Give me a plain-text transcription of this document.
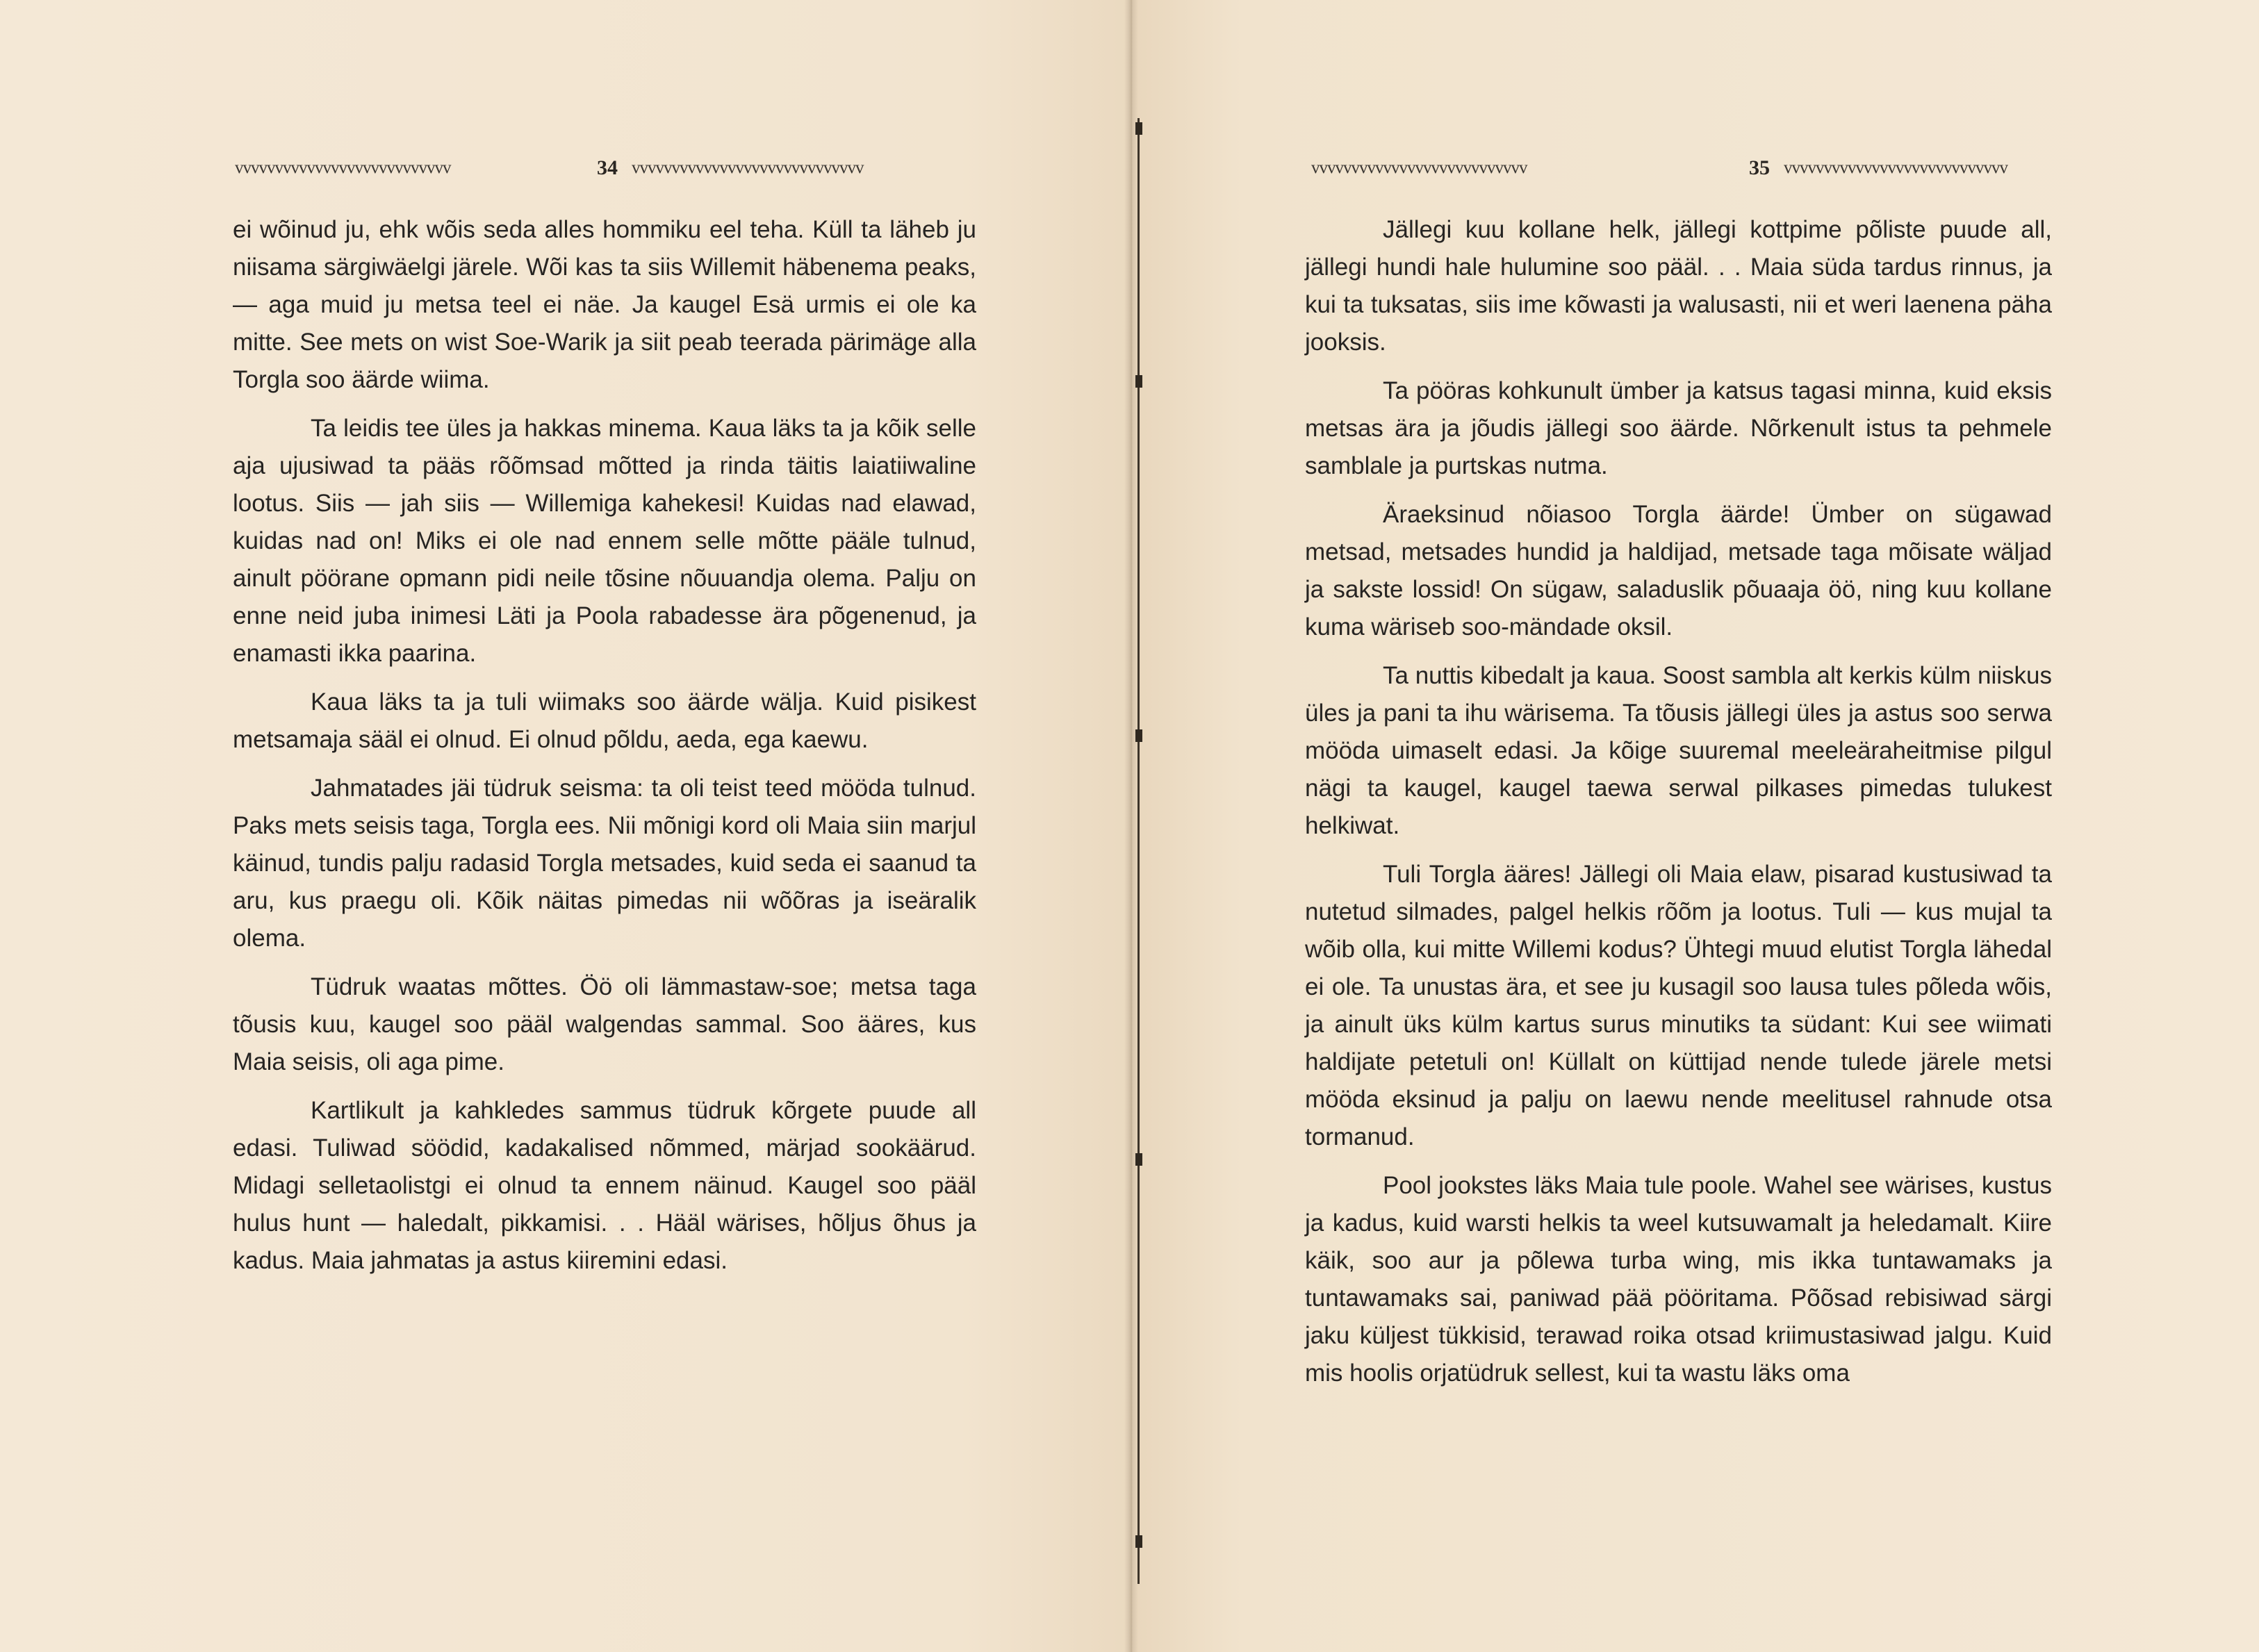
vvvvvvvvvvvvvvvvvvvvvvvvvvv	34 vvvvvvvvvvvvvvvvvvvvvvvvvvvvv

ei wõinud ju, ehk wõis seda alles hommiku eel teha. Küll ta läheb ju niisama särgiwäelgi järele. Wõi kas ta siis Willemit häbenema peaks, — aga muid ju metsa teel ei näe. Ja kaugel Esä urmis ei ole ka mitte. See mets on wist Soe-Warik ja siit peab teerada pärimäge alla Torgla soo äärde wiima.

Ta leidis tee üles ja hakkas minema. Kaua läks ta ja kõik selle aja ujusiwad ta pääs rõõmsad mõtted ja rinda täitis laiatiiwaline lootus. Siis — jah siis — Willemiga kahekesi! Kuidas nad elawad, kuidas nad on! Miks ei ole nad ennem selle mõtte pääle tulnud, ainult pöörane opmann pidi neile tõsine nõuuandja olema. Palju on enne neid juba inimesi Läti ja Poola rabadesse ära põgenenud, ja enamasti ikka paarina.

Kaua läks ta ja tuli wiimaks soo äärde wälja. Kuid pisikest metsamaja sääl ei olnud. Ei olnud põldu, aeda, ega kaewu.

Jahmatades jäi tüdruk seisma: ta oli teist teed mööda tulnud. Paks mets seisis taga, Torgla ees. Nii mõnigi kord oli Maia siin marjul käinud, tundis palju radasid Torgla metsades, kuid seda ei saanud ta aru, kus praegu oli. Kõik näitas pimedas nii wõõras ja iseäralik olema.

Tüdruk waatas mõttes. Öö oli lämmastaw-soe; metsa taga tõusis kuu, kaugel soo pääl walgendas sammal. Soo ääres, kus Maia seisis, oli aga pime.

Kartlikult ja kahkledes sammus tüdruk kõrgete puude all edasi. Tuliwad söödid, kadakalised nõmmed, märjad sookäärud. Midagi selletaolistgi ei olnud ta ennem näinud. Kaugel soo pääl hulus hunt — haledalt, pikkamisi. . . Hääl wärises, hõljus õhus ja kadus. Maia jahmatas ja astus kiiremini edasi.

vvvvvvvvvvvvvvvvvvvvvvvvvvv	35 vvvvvvvvvvvvvvvvvvvvvvvvvvvv

Jällegi kuu kollane helk, jällegi kottpime põliste puude all, jällegi hundi hale hulumine soo pääl. . . Maia süda tardus rinnus, ja kui ta tuksatas, siis ime kõwasti ja walusasti, nii et weri laenena päha jooksis.

Ta pööras kohkunult ümber ja katsus tagasi minna, kuid eksis metsas ära ja jõudis jällegi soo äärde. Nõrkenult istus ta pehmele samblale ja purtskas nutma.

Äraeksinud nõiasoo Torgla äärde! Ümber on sügawad metsad, metsades hundid ja haldijad, metsade taga mõisate wäljad ja sakste lossid! On sügaw, saladuslik põuaaja öö, ning kuu kollane kuma wäriseb soo-mändade oksil.

Ta nuttis kibedalt ja kaua. Soost sambla alt kerkis külm niiskus üles ja pani ta ihu wärisema. Ta tõusis jällegi üles ja astus soo serwa mööda uimaselt edasi. Ja kõige suuremal meeleäraheitmise pilgul nägi ta kaugel, kaugel taewa serwal pilkases pimedas tulukest helkiwat.

Tuli Torgla ääres! Jällegi oli Maia elaw, pisarad kustusiwad ta nutetud silmades, palgel helkis rõõm ja lootus. Tuli — kus mujal ta wõib olla, kui mitte Willemi kodus? Ühtegi muud elutist Torgla lähedal ei ole. Ta unustas ära, et see ju kusagil soo lausa tules põleda wõis, ja ainult üks külm kartus surus minutiks ta südant: Kui see wiimati haldijate petetuli on! Küllalt on küttijad nende tulede järele metsi mööda eksinud ja palju on laewu nende meelitusel rahnude otsa tormanud.

Pool jookstes läks Maia tule poole. Wahel see wärises, kustus ja kadus, kuid warsti helkis ta weel kutsuwamalt ja heledamalt. Kiire käik, soo aur ja põlewa turba wing, mis ikka tuntawamaks ja tuntawamaks sai, paniwad pää pööritama. Põõsad rebisiwad särgi jaku küljest tükkisid, terawad roika otsad kriimustasiwad jalgu. Kuid mis hoolis orjatüdruk sellest, kui ta wastu läks oma
